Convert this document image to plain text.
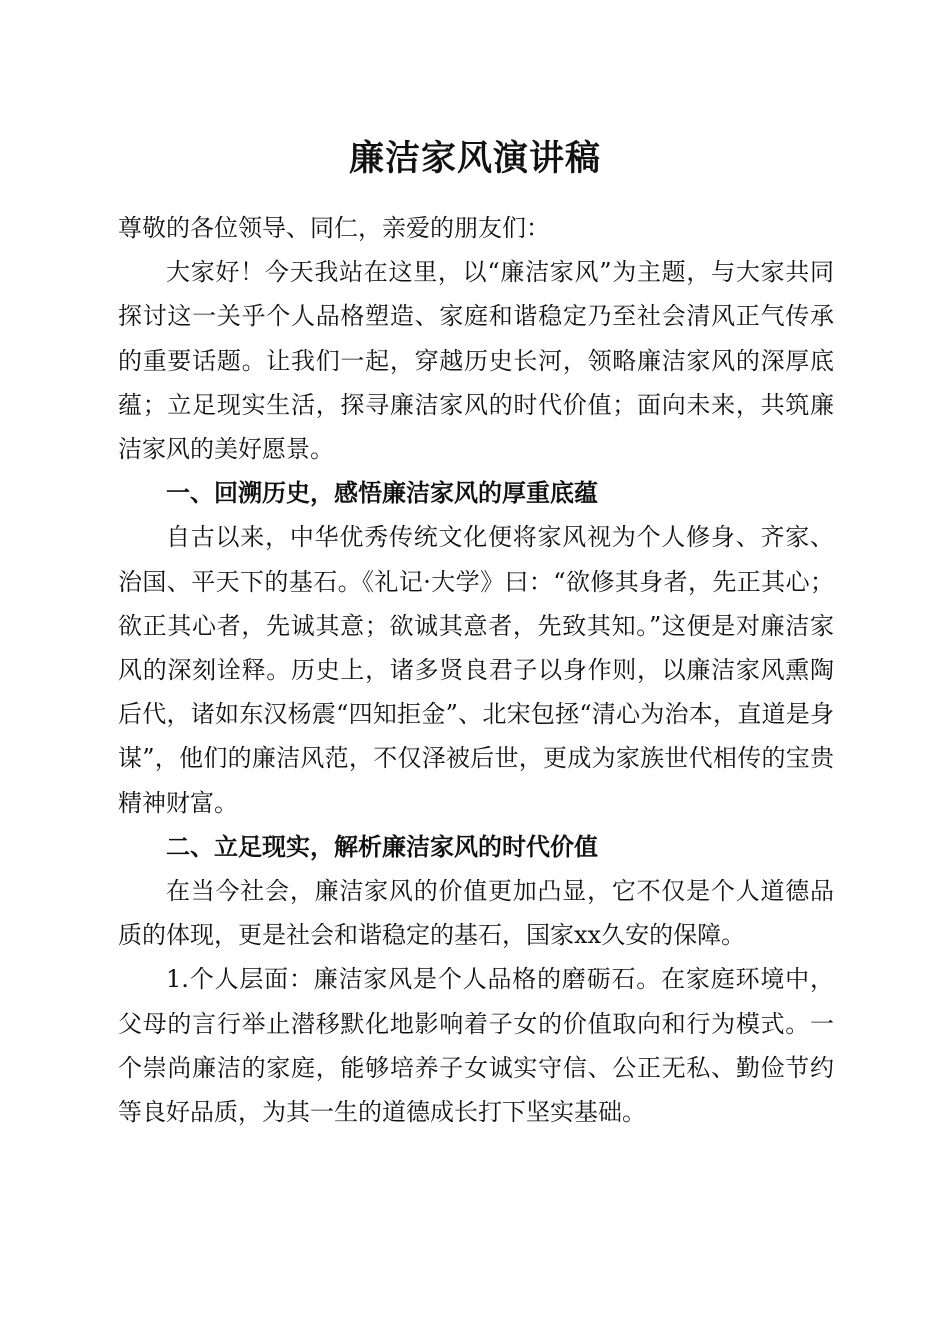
廉洁家风演讲稿

尊敬的各位领导、同仁，亲爱的朋友们：

大家好！今天我站在这里，以“廉洁家风”为主题，与大家共同探讨这一关乎个人品格塑造、家庭和谐稳定乃至社会清风正气传承的重要话题。让我们一起，穿越历史长河，领略廉洁家风的深厚底蕴；立足现实生活，探寻廉洁家风的时代价值；面向未来，共筑廉洁家风的美好愿景。

一、回溯历史，感悟廉洁家风的厚重底蕴

自古以来，中华优秀传统文化便将家风视为个人修身、齐家、治国、平天下的基石。《礼记·大学》曰：“欲修其身者，先正其心；欲正其心者，先诚其意；欲诚其意者，先致其知。”这便是对廉洁家风的深刻诠释。历史上，诸多贤良君子以身作则，以廉洁家风熏陶后代，诸如东汉杨震“四知拒金”、北宋包拯“清心为治本，直道是身谋”，他们的廉洁风范，不仅泽被后世，更成为家族世代相传的宝贵精神财富。

二、立足现实，解析廉洁家风的时代价值

在当今社会，廉洁家风的价值更加凸显，它不仅是个人道德品质的体现，更是社会和谐稳定的基石，国家xx久安的保障。

1.个人层面：廉洁家风是个人品格的磨砺石。在家庭环境中，父母的言行举止潜移默化地影响着子女的价值取向和行为模式。一个崇尚廉洁的家庭，能够培养子女诚实守信、公正无私、勤俭节约等良好品质，为其一生的道德成长打下坚实基础。
